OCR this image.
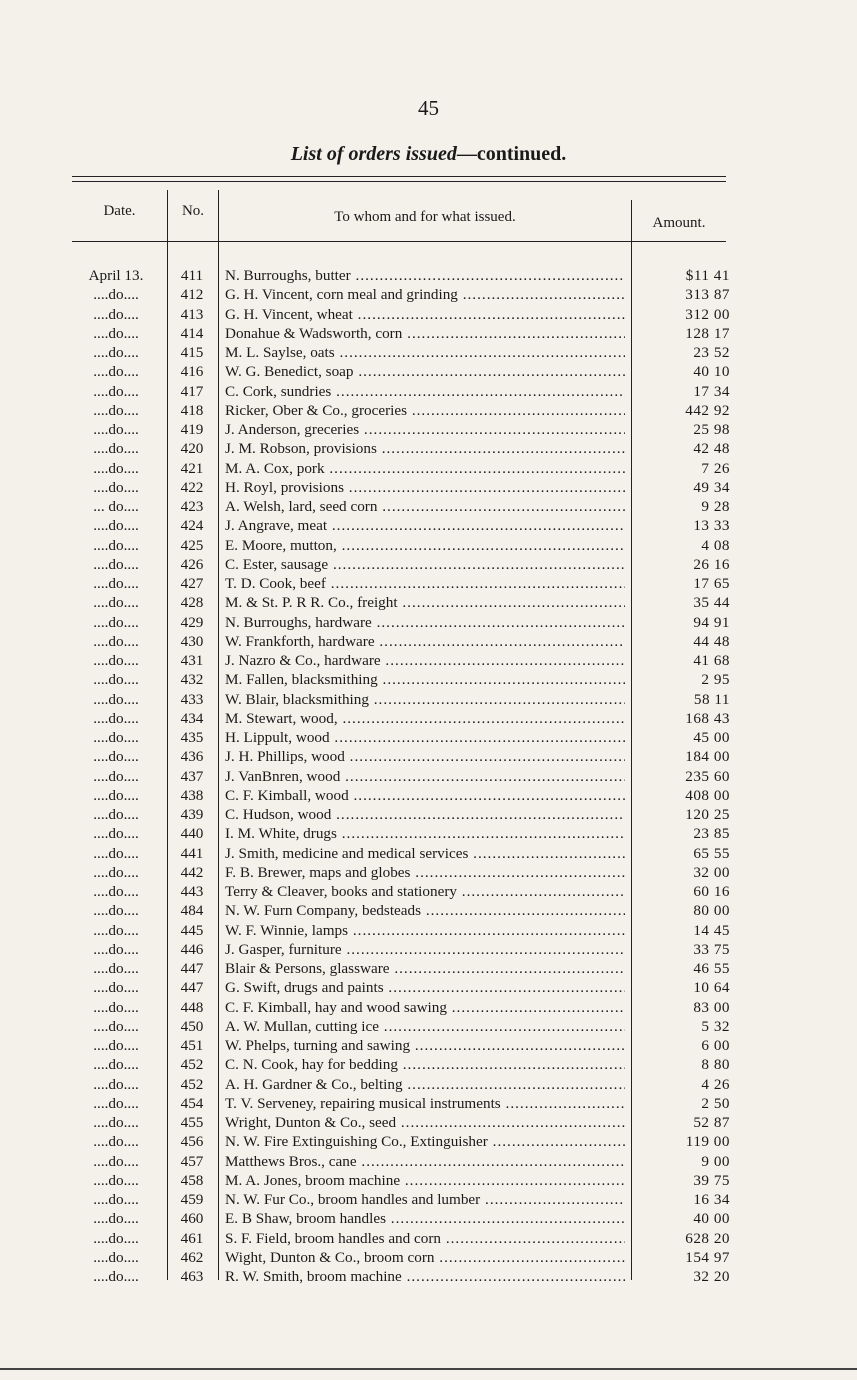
45
List of orders issued—continued.
Date.	No.	To whom and for what issued.	Amount.
April 13.	411	N. Burroughs, butter .....	$11 41
....do....	412	G. H. Vincent, corn meal and grinding .....	313 87
....do....	413	G. H. Vincent, wheat .....	312 00
....do....	414	Donahue & Wadsworth, corn .....	128 17
....do....	415	M. L. Saylse, oats .....	23 52
....do....	416	W. G. Benedict, soap .....	40 10
....do....	417	C. Cork, sundries .....	17 34
....do....	418	Ricker, Ober & Co., groceries .....	442 92
....do....	419	J. Anderson, greceries .....	25 98
....do....	420	J. M. Robson, provisions .....	42 48
....do....	421	M. A. Cox, pork .....	7 26
....do....	422	H. Royl, provisions .....	49 34
... do....	423	A. Welsh, lard, seed corn .....	9 28
....do....	424	J. Angrave, meat .....	13 33
....do....	425	E. Moore, mutton, .....	4 08
....do....	426	C. Ester, sausage .....	26 16
....do....	427	T. D. Cook, beef .....	17 65
....do....	428	M. & St. P. R R. Co., freight .....	35 44
....do....	429	N. Burroughs, hardware .....	94 91
....do....	430	W. Frankforth, hardware .....	44 48
....do....	431	J. Nazro & Co., hardware .....	41 68
....do....	432	M. Fallen, blacksmithing .....	2 95
....do....	433	W. Blair, blacksmithing .....	58 11
....do....	434	M. Stewart, wood, .....	168 43
....do....	435	H. Lippult, wood .....	45 00
....do....	436	J. H. Phillips, wood .....	184 00
....do....	437	J. VanBnren, wood .....	235 60
....do....	438	C. F. Kimball, wood .....	408 00
....do....	439	C. Hudson, wood .....	120 25
....do....	440	I. M. White, drugs .....	23 85
....do....	441	J. Smith, medicine and medical services .....	65 55
....do....	442	F. B. Brewer, maps and globes .....	32 00
....do....	443	Terry & Cleaver, books and stationery .....	60 16
....do....	484	N. W. Furn Company, bedsteads .....	80 00
....do....	445	W. F. Winnie, lamps .....	14 45
....do....	446	J. Gasper, furniture .....	33 75
....do....	447	Blair & Persons, glassware .....	46 55
....do....	447	G. Swift, drugs and paints .....	10 64
....do....	448	C. F. Kimball, hay and wood sawing .....	83 00
....do....	450	A. W. Mullan, cutting ice .....	5 32
....do....	451	W. Phelps, turning and sawing .....	6 00
....do....	452	C. N. Cook, hay for bedding .....	8 80
....do....	452	A. H. Gardner & Co., belting .....	4 26
....do....	454	T. V. Serveney, repairing musical instruments .....	2 50
....do....	455	Wright, Dunton & Co., seed .....	52 87
....do....	456	N. W. Fire Extinguishing Co., Extinguisher .....	119 00
....do....	457	Matthews Bros., cane .....	9 00
....do....	458	M. A. Jones, broom machine .....	39 75
....do....	459	N. W. Fur Co., broom handles and lumber .....	16 34
....do....	460	E. B Shaw, broom handles .....	40 00
....do....	461	S. F. Field, broom handles and corn .....	628 20
....do....	462	Wight, Dunton & Co., broom corn .....	154 97
....do....	463	R. W. Smith, broom machine .....	32 20
